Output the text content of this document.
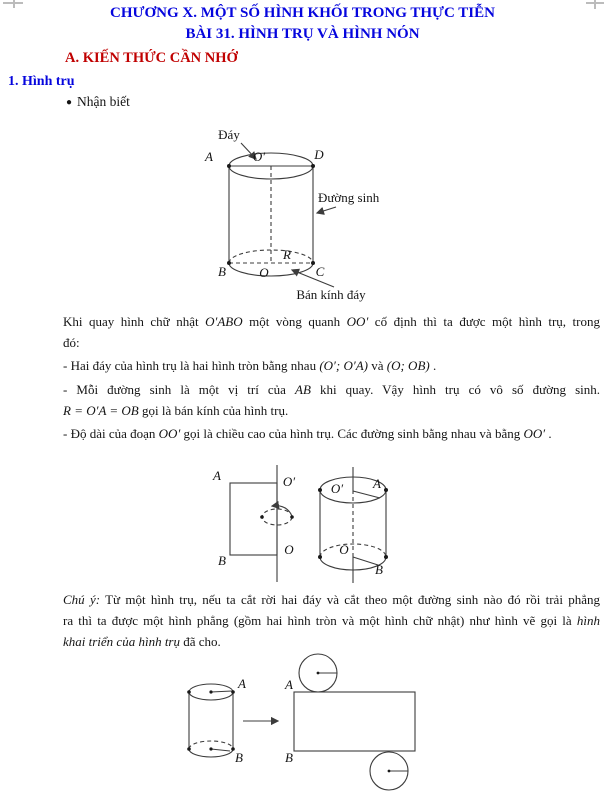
CHƯƠNG X. MỘT SỐ HÌNH KHỐI TRONG THỰC TIỄN
BÀI 31. HÌNH TRỤ VÀ HÌNH NÓN
A. KIẾN THỨC CẦN NHỚ
1. Hình trụ
● Nhận biết
Đáy
Đường sinh
Bán kính đáy
A	O′	D
B	O
R
C
Khi quay hình chữ nhật O′ABO một vòng quanh OO′ cố định thì ta được một hình trụ, trong
đó:
- Hai đáy của hình trụ là hai hình tròn bằng nhau (O′; O′A) và (O; OB) .
- Mỗi đường sinh là một vị trí của AB khi quay. Vậy hình trụ có vô số đường sinh.
R = O′A = OB gọi là bán kính của hình trụ.
- Độ dài của đoạn OO′ gọi là chiều cao của hình trụ. Các đường sinh bằng nhau và bằng OO′ .
A	O′
B
O
O′ A
O
B
Chú ý: Từ một hình trụ, nếu ta cắt rời hai đáy và cắt theo một đường sinh nào đó rồi trải phẳng
ra thì ta được một hình phẳng (gồm hai hình tròn và một hình chữ nhật) như hình vẽ gọi là hình
khai triển của hình trụ đã cho.
A
B
A
B
